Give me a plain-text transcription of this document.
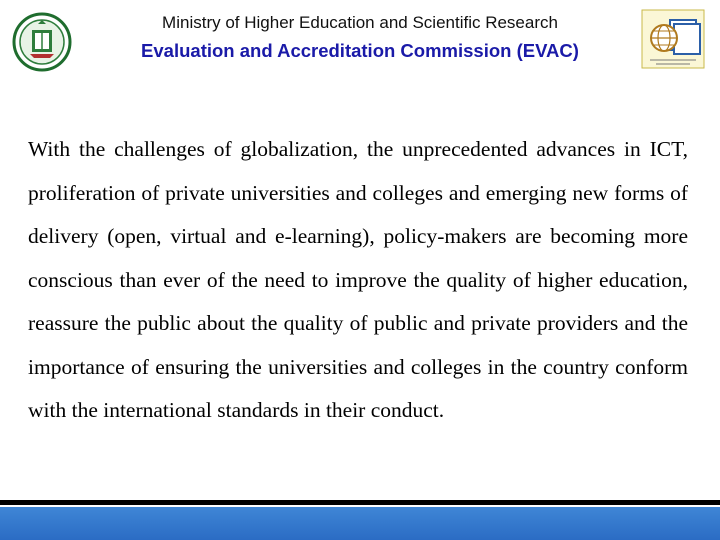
Ministry of Higher Education and Scientific Research
Evaluation and Accreditation Commission (EVAC)
With the challenges of globalization, the unprecedented advances in ICT, proliferation of private universities and colleges and emerging new forms of delivery (open, virtual and e-learning), policy-makers are becoming more conscious than ever of the need to improve the quality of higher education, reassure the public about the quality of public and private providers and the importance of ensuring the universities and colleges in the country conform with the international standards in their conduct.
